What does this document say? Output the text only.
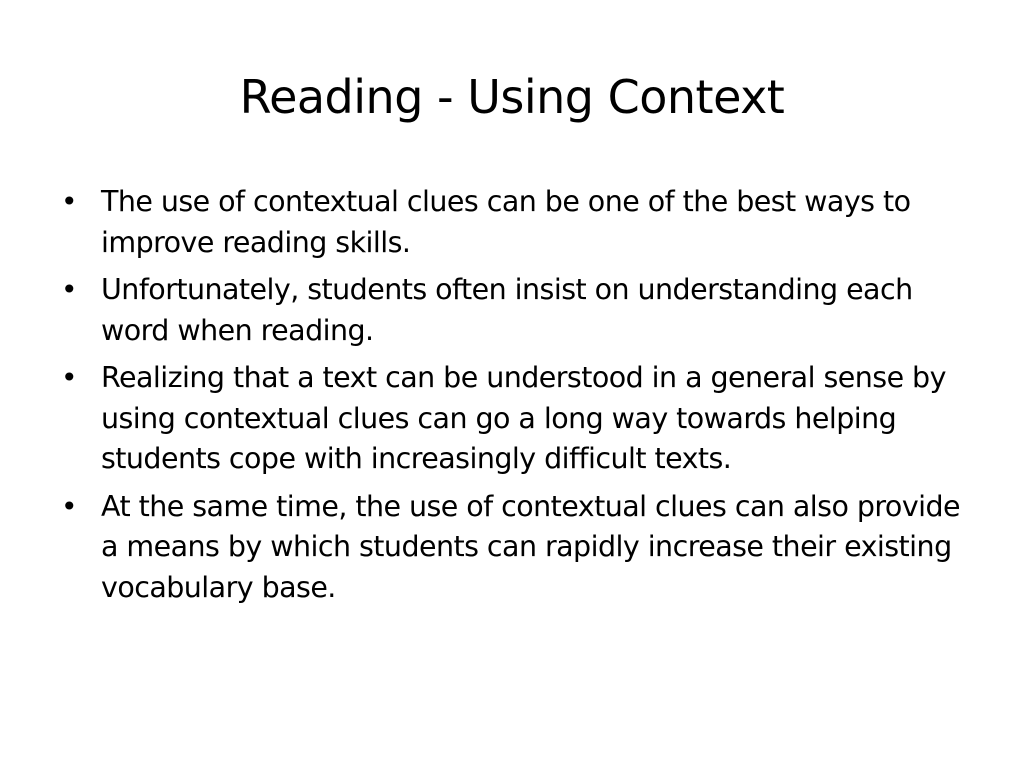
Reading - Using Context
• The use of contextual clues can be one of the best ways to improve reading skills.
• Unfortunately, students often insist on understanding each word when reading.
• Realizing that a text can be understood in a general sense by using contextual clues can go a long way towards helping students cope with increasingly difficult texts.
• At the same time, the use of contextual clues can also provide a means by which students can rapidly increase their existing vocabulary base.
